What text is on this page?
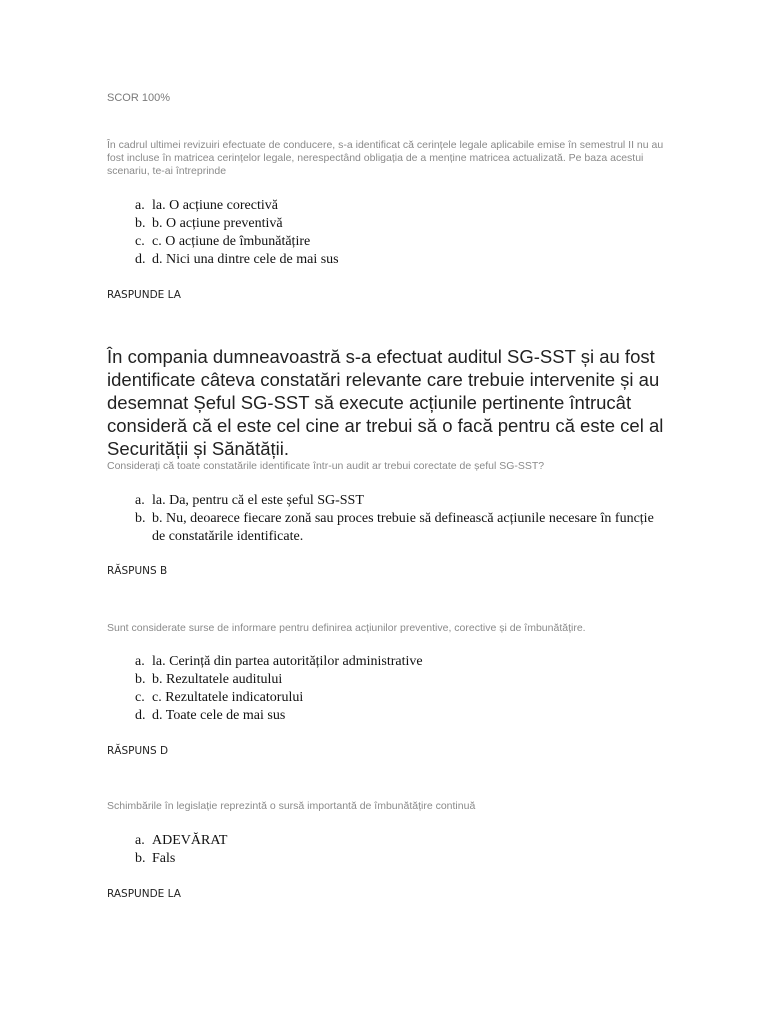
SCOR 100%
În cadrul ultimei revizuiri efectuate de conducere, s-a identificat că cerințele legale aplicabile emise în semestrul II nu au fost incluse în matricea cerințelor legale, nerespectând obligația de a menține matricea actualizată. Pe baza acestui scenariu, te-ai întreprinde
a. la. O acțiune corectivă
b. b. O acțiune preventivă
c. c. O acțiune de îmbunătățire
d. d. Nici una dintre cele de mai sus
RASPUNDE LA
În compania dumneavoastră s-a efectuat auditul SG-SST și au fost identificate câteva constatări relevante care trebuie intervenite și au desemnat Șeful SG-SST să execute acțiunile pertinente întrucât consideră că el este cel cine ar trebui să o facă pentru că este cel al Securității și Sănătății.
Considerați că toate constatările identificate într-un audit ar trebui corectate de șeful SG-SST?
a. la. Da, pentru că el este șeful SG-SST
b. b. Nu, deoarece fiecare zonă sau proces trebuie să definească acțiunile necesare în funcție de constatările identificate.
RĂSPUNS B
Sunt considerate surse de informare pentru definirea acțiunilor preventive, corective și de îmbunătățire.
a. la. Cerință din partea autorităților administrative
b. b. Rezultatele auditului
c. c. Rezultatele indicatorului
d. d. Toate cele de mai sus
RĂSPUNS D
Schimbările în legislație reprezintă o sursă importantă de îmbunătățire continuă
a. ADEVĂRAT
b. Fals
RASPUNDE LA
